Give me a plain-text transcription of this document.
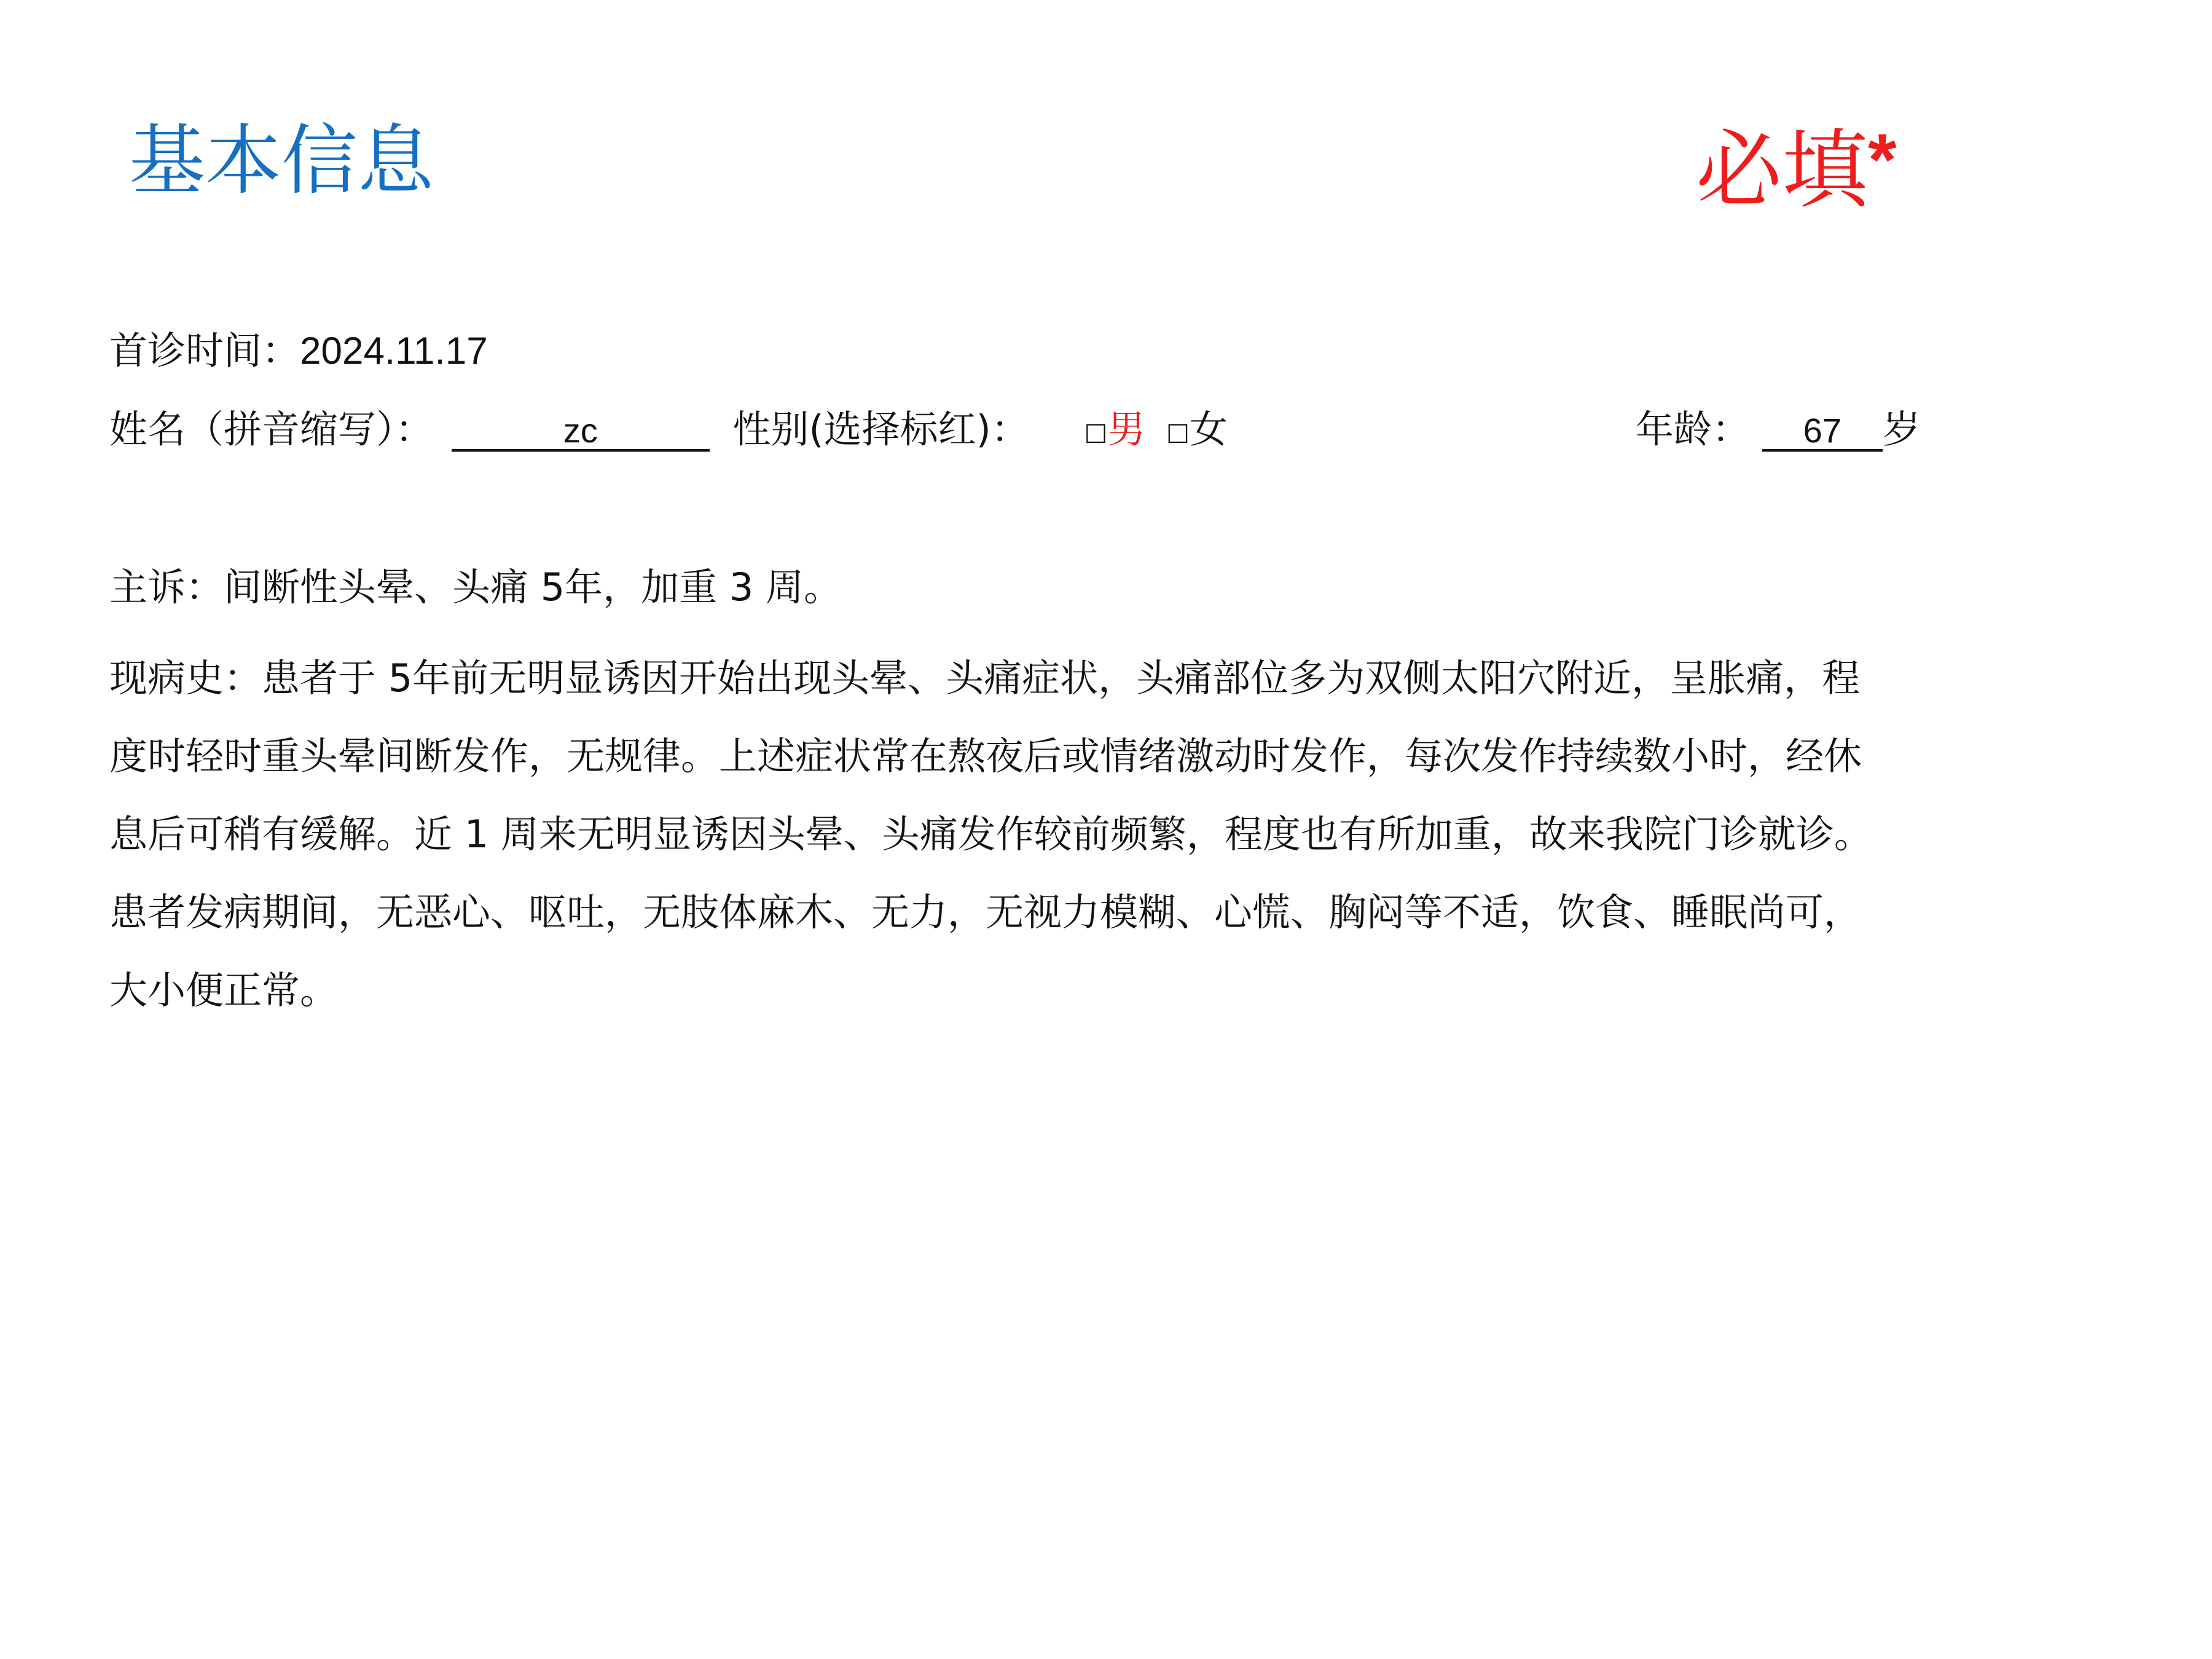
基本信息	必填*
首诊时间：2024.11.17
姓名（拼音缩写）：	zc	性别(选择标红)： □男 □女	年龄： 67 岁
主诉：间断性头晕、头痛 5年，加重 3 周。
现病史：患者于 5年前无明显诱因开始出现头晕、头痛症状，头痛部位多为双侧太阳穴附近，呈胀痛，程
度时轻时重头晕间断发作，无规律。上述症状常在熬夜后或情绪激动时发作，每次发作持续数小时，经休
息后可稍有缓解。近 1 周来无明显诱因头晕、头痛发作较前频繁，程度也有所加重，故来我院门诊就诊。
患者发病期间，无恶心、呕吐，无肢体麻木、无力，无视力模糊、心慌、胸闷等不适，饮食、睡眠尚可，
大小便正常。
